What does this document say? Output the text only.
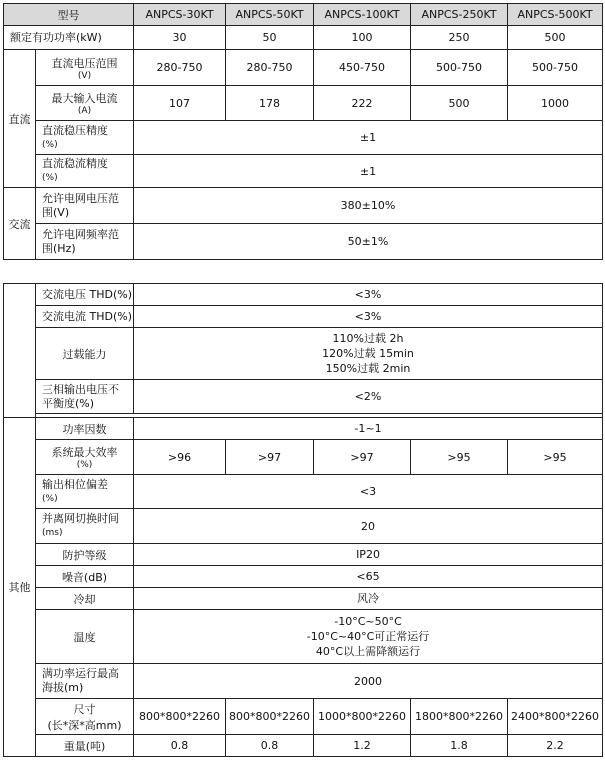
型号		ANPCS-30KT	ANPCS-50KT	ANPCS-100KT	ANPCS-250KT	ANPCS-500KT
额定有功功率(kW)		30	50	100	250	500
直流	直流电压范围
(V)	280-750	280-750	450-750	500-750	500-750

	最大输入电流
(A)	107	178	222	500	1000

	直流稳压精度
(%)	±1				

	直流稳流精度
(%)	±1				
交流	允许电网电压范
围(V)	380±10%				

	允许电网频率范
围(Hz)	50±1%				
	交流电压 THD(%)	<3%				
	交流电流 THD(%)	<3%				
	过载能力	110%过载 2h
120%过载 15min
150%过载 2min				

	三相输出电压不
平衡度(%)	<2%				

其他	功率因数	-1~1				

	系统最大效率
(%)	>96	>97	>97	>95	>95

	输出相位偏差
(%)	<3				

	并离网切换时间
(ms)	20				
	防护等级	IP20				
	噪音(dB)	<65				
	冷却	风冷				
	温度	-10°C~50°C
-10°C~40°C可正常运行
40°C以上需降额运行				

	满功率运行最高
海拔(m)	2000				

	尺寸
(长*深*高mm)	800*800*2260	800*800*2260	1000*800*2260	1800*800*2260	2400*800*2260
	重量(吨)	0.8	0.8	1.2	1.8	2.2
